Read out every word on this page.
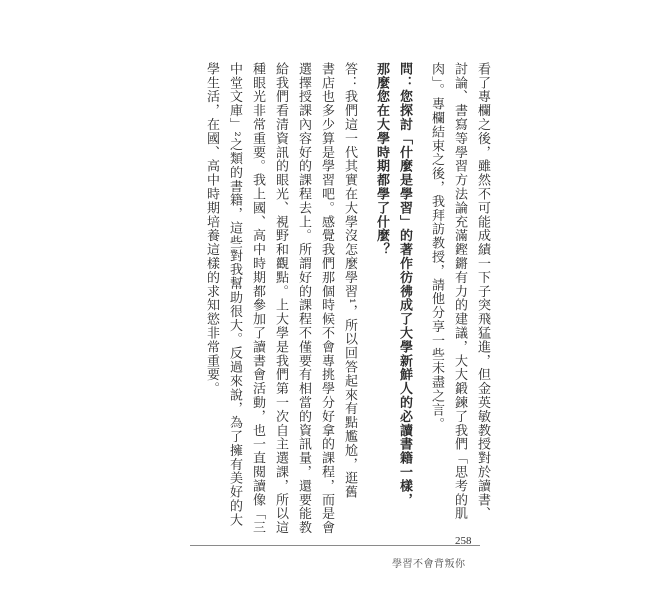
看了專欄之後，雖然不可能成績一下子突飛猛進，但金英敏教授對於讀書、
討論、書寫等學習方法論充滿鏗鏘有力的建議，大大鍛鍊了我們「思考的肌
肉」。專欄結束之後，我拜訪教授，請他分享一些未盡之言。
問：您探討「什麼是學習」的著作彷彿成了大學新鮮人的必讀書籍一樣，
那麼您在大學時期都學了什麼？
答：我們這一代其實在大學沒怎麼學習¹，所以回答起來有點尷尬，逛舊
書店也多少算是學習吧。感覺我們那個時候不會專挑學分好拿的課程，而是會
選擇授課內容好的課程去上。所謂好的課程不僅要有相當的資訊量，還要能教
給我們看清資訊的眼光、視野和觀點。上大學是我們第一次自主選課，所以這
種眼光非常重要。我上國、高中時期都參加了讀書會活動，也一直閱讀像「三
中堂文庫」²之類的書籍，這些對我幫助很大。反過來說，為了擁有美好的大
學生活，在國、高中時期培養這樣的求知慾非常重要。
258
學習不會背叛你
